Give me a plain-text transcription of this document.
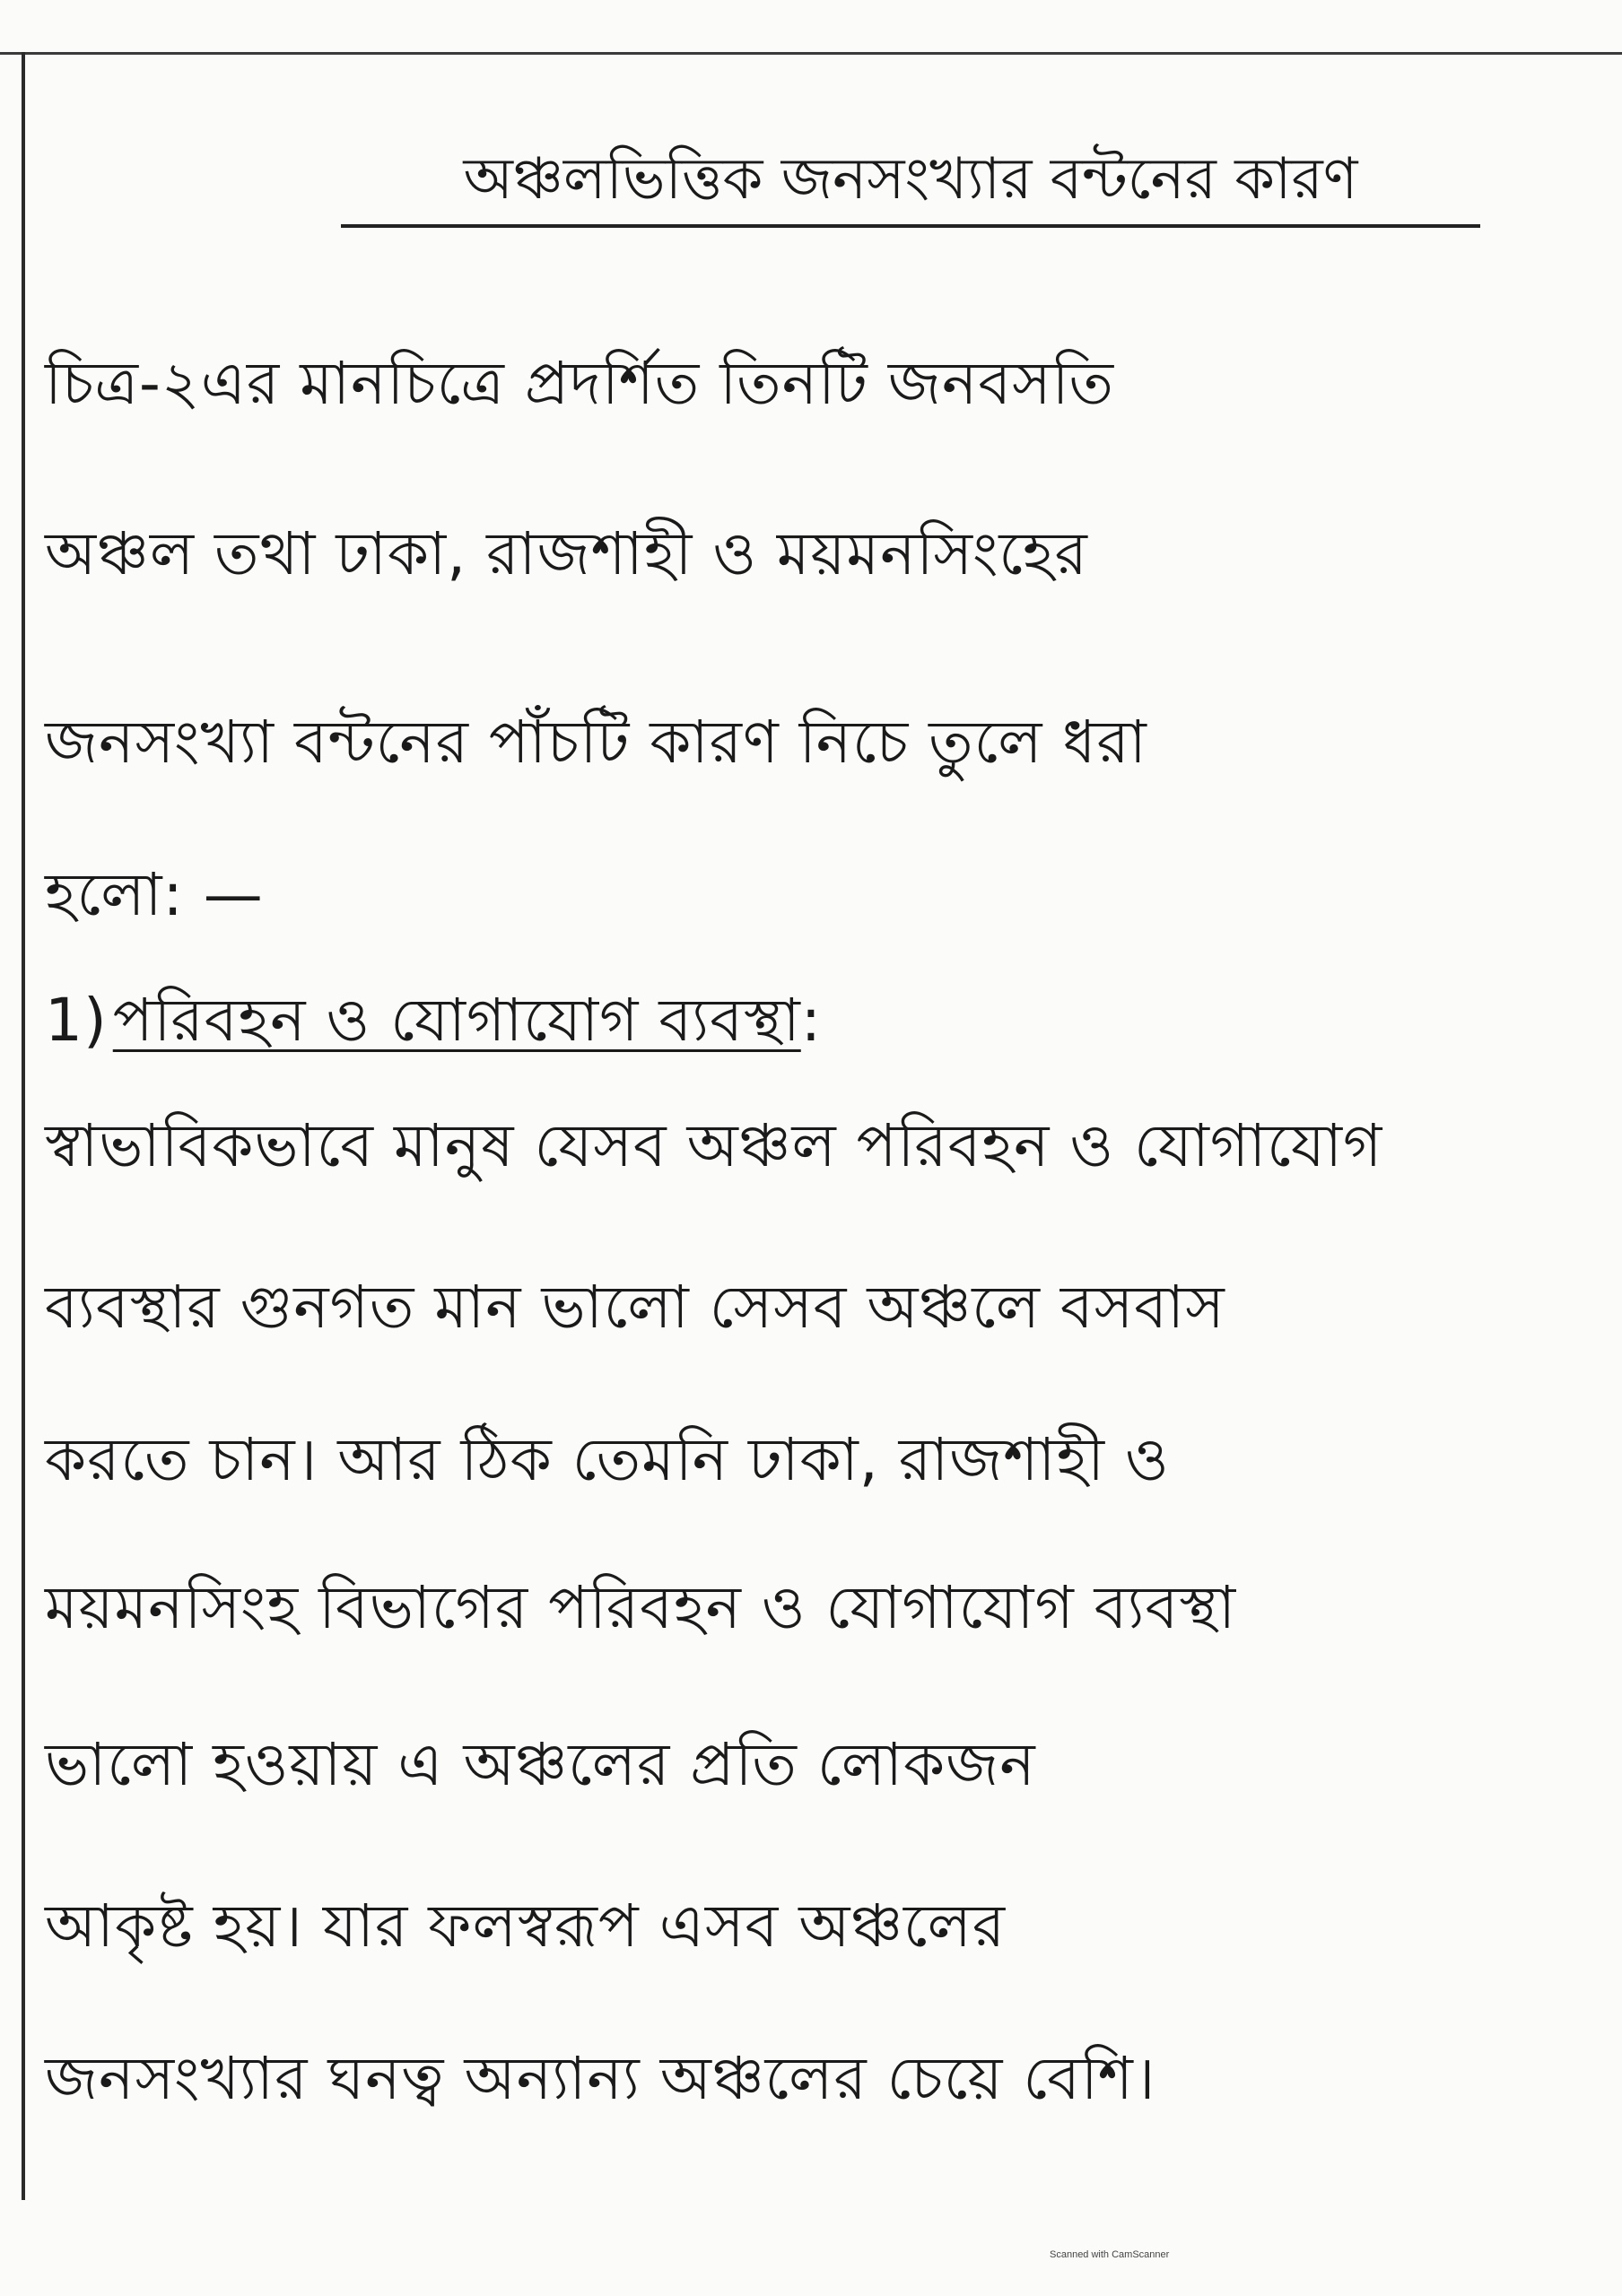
অঞ্চলভিত্তিক জনসংখ্যার বন্টনের কারণ
চিত্র-২এর মানচিত্রে প্রদর্শিত তিনটি জনবসতি
অঞ্চল তথা ঢাকা, রাজশাহী ও ময়মনসিংহের
জনসংখ্যা বন্টনের পাঁচটি কারণ নিচে তুলে ধরা
হলো: —
1)পরিবহন ও যোগাযোগ ব্যবস্থা:
স্বাভাবিকভাবে মানুষ যেসব অঞ্চল পরিবহন ও যোগাযোগ
ব্যবস্থার গুনগত মান ভালো সেসব অঞ্চলে বসবাস
করতে চান। আর ঠিক তেমনি ঢাকা, রাজশাহী ও
ময়মনসিংহ বিভাগের পরিবহন ও যোগাযোগ ব্যবস্থা
ভালো হওয়ায় এ অঞ্চলের প্রতি লোকজন
আকৃষ্ট হয়। যার ফলস্বরূপ এসব অঞ্চলের
জনসংখ্যার ঘনত্ব অন্যান্য অঞ্চলের চেয়ে বেশি।
Scanned with CamScanner
